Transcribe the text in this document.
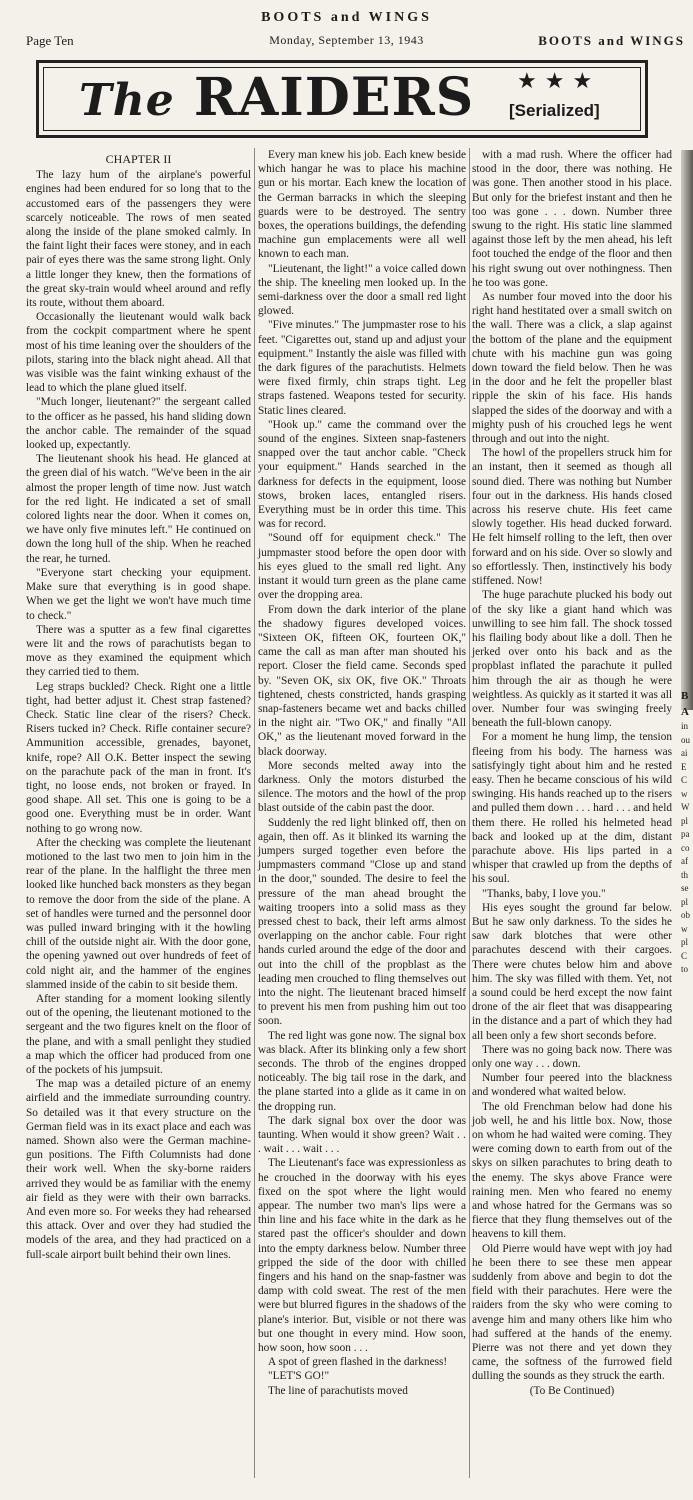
BOOTS and WINGS
Page Ten	Monday, September 13, 1943	BOOTS and WINGS
The RAIDERS ★★★
[Serialized]

CHAPTER II

The lazy hum of the airplane's powerful engines had been endured for so long that to the accustomed ears of the passengers they were scarcely noticeable. The rows of men seated along the inside of the plane smoked calmly. In the faint light their faces were stoney, and in each pair of eyes there was the same strong light. Only a little longer they knew, then the formations of the great sky-train would wheel around and refly its route, without them aboard.

Occasionally the lieutenant would walk back from the cockpit compartment where he spent most of his time leaning over the shoulders of the pilots, staring into the black night ahead. All that was visible was the faint winking exhaust of the lead to which the plane glued itself.

"Much longer, lieutenant?" the sergeant called to the officer as he passed, his hand sliding down the anchor cable. The remainder of the squad looked up, expectantly.

The lieutenant shook his head. He glanced at the green dial of his watch. "We've been in the air almost the proper length of time now. Just watch for the red light. He indicated a set of small colored lights near the door. When it comes on, we have only five minutes left." He continued on down the long hull of the ship. When he reached the rear, he turned.

"Everyone start checking your equipment. Make sure that everything is in good shape. When we get the light we won't have much time to check."

There was a sputter as a few final cigarettes were lit and the rows of parachutists began to move as they examined the equipment which they carried tied to them.

Leg straps buckled? Check. Right one a little tight, had better adjust it. Chest strap fastened? Check. Static line clear of the risers? Check. Risers tucked in? Check. Rifle container secure? Ammunition accessible, grenades, bayonet, knife, rope? All O.K. Better inspect the sewing on the parachute pack of the man in front. It's tight, no loose ends, not broken or frayed. In good shape. All set. This one is going to be a good one. Everything must be in order. Want nothing to go wrong now.

After the checking was complete the lieutenant motioned to the last two men to join him in the rear of the plane. In the halflight the three men looked like hunched back monsters as they began to remove the door from the side of the plane. A set of handles were turned and the personnel door was pulled inward bringing with it the howling chill of the outside night air. With the door gone, the opening yawned out over hundreds of feet of cold night air, and the hammer of the engines slammed inside of the cabin to sit beside them.

After standing for a moment looking silently out of the opening, the lieutenant motioned to the sergeant and the two figures knelt on the floor of the plane, and with a small penlight they studied a map which the officer had produced from one of the pockets of his jumpsuit.

The map was a detailed picture of an enemy airfield and the immediate surrounding country. So detailed was it that every structure on the German field was in its exact place and each was named. Shown also were the German machine-gun positions. The Fifth Columnists had done their work well. When the sky-borne raiders arrived they would be as familiar with the enemy air field as they were with their own barracks. And even more so. For weeks they had rehearsed this attack. Over and over they had studied the models of the area, and they had practiced on a full-scale airport built behind their own lines.

Every man knew his job. Each knew beside which hangar he was to place his machine gun or his mortar. Each knew the location of the German barracks in which the sleeping guards were to be destroyed. The sentry boxes, the operations buildings, the defending machine gun emplacements were all well known to each man.

"Lieutenant, the light!" a voice called down the ship. The kneeling men looked up. In the semi-darkness over the door a small red light glowed.

"Five minutes." The jumpmaster rose to his feet. "Cigarettes out, stand up and adjust your equipment." Instantly the aisle was filled with the dark figures of the parachutists. Helmets were fixed firmly, chin straps tight. Leg straps fastened. Weapons tested for security. Static lines cleared.

"Hook up." came the command over the sound of the engines. Sixteen snap-fasteners snapped over the taut anchor cable. "Check your equipment." Hands searched in the darkness for defects in the equipment, loose stows, broken laces, entangled risers. Everything must be in order this time. This was for record.

"Sound off for equipment check." The jumpmaster stood before the open door with his eyes glued to the small red light. Any instant it would turn green as the plane came over the dropping area.

From down the dark interior of the plane the shadowy figures developed voices. "Sixteen OK, fifteen OK, fourteen OK," came the call as man after man shouted his report. Closer the field came. Seconds sped by. "Seven OK, six OK, five OK." Throats tightened, chests constricted, hands grasping snap-fasteners became wet and backs chilled in the night air. "Two OK," and finally "All OK," as the lieutenant moved forward in the black doorway.

More seconds melted away into the darkness. Only the motors disturbed the silence. The motors and the howl of the prop blast outside of the cabin past the door.

Suddenly the red light blinked off, then on again, then off. As it blinked its warning the jumpers surged together even before the jumpmasters command "Close up and stand in the door," sounded. The desire to feel the pressure of the man ahead brought the waiting troopers into a solid mass as they pressed chest to back, their left arms almost overlapping on the anchor cable. Four right hands curled around the edge of the door and out into the chill of the propblast as the leading men crouched to fling themselves out into the night. The lieutenant braced himself to prevent his men from pushing him out too soon.

The red light was gone now. The signal box was black. After its blinking only a few short seconds. The throb of the engines dropped noticeably. The big tail rose in the dark, and the plane started into a glide as it came in on the dropping run.

The dark signal box over the door was taunting. When would it show green? Wait . . . wait . . . wait . . .

The Lieutenant's face was expressionless as he crouched in the doorway with his eyes fixed on the spot where the light would appear. The number two man's lips were a thin line and his face white in the dark as he stared past the officer's shoulder and down into the empty darkness below. Number three gripped the side of the door with chilled fingers and his hand on the snap-fastner was damp with cold sweat. The rest of the men were but blurred figures in the shadows of the plane's interior. But, visible or not there was but one thought in every mind. How soon, how soon, how soon . . .

A spot of green flashed in the darkness!

"LET'S GO!"

The line of parachutists moved

with a mad rush. Where the officer had stood in the door, there was nothing. He was gone. Then another stood in his place. But only for the briefest instant and then he too was gone . . . down. Number three swung to the right. His static line slammed against those left by the men ahead, his left foot touched the endge of the floor and then his right swung out over nothingness. Then he too was gone.

As number four moved into the door his right hand hestitated over a small switch on the wall. There was a click, a slap against the bottom of the plane and the equipment chute with his machine gun was going down toward the field below. Then he was in the door and he felt the propeller blast ripple the skin of his face. His hands slapped the sides of the doorway and with a mighty push of his crouched legs he went through and out into the night.

The howl of the propellers struck him for an instant, then it seemed as though all sound died. There was nothing but Number four out in the darkness. His hands closed across his reserve chute. His feet came slowly together. His head ducked forward. He felt himself rolling to the left, then over forward and on his side. Over so slowly and so effortlessly. Then, instinctively his body stiffened. Now!

The huge parachute plucked his body out of the sky like a giant hand which was unwilling to see him fall. The shock tossed his flailing body about like a doll. Then he jerked over onto his back and as the propblast inflated the parachute it pulled him through the air as though he were weightless. As quickly as it started it was all over. Number four was swinging freely beneath the full-blown canopy.

For a moment he hung limp, the tension fleeing from his body. The harness was satisfyingly tight about him and he rested easy. Then he became conscious of his wild swinging. His hands reached up to the risers and pulled them down . . . hard . . . and held them there. He rolled his helmeted head back and looked up at the dim, distant parachute above. His lips parted in a whisper that crawled up from the depths of his soul.

"Thanks, baby, I love you."

His eyes sought the ground far below. But he saw only darkness. To the sides he saw dark blotches that were other parachutes descend with their cargoes. There were chutes below him and above him. The sky was filled with them. Yet, not a sound could be herd except the now faint drone of the air fleet that was disappearing in the distance and a part of which they had all been only a few short seconds before.

There was no going back now. There was only one way . . . down.

Number four peered into the blackness and wondered what waited below.

The old Frenchman below had done his job well, he and his little box. Now, those on whom he had waited were coming. They were coming down to earth from out of the skys on silken parachutes to bring death to the enemy. The skys above France were raining men. Men who feared no enemy and whose hatred for the Germans was so fierce that they flung themselves out of the heavens to kill them.

Old Pierre would have wept with joy had he been there to see these men appear suddenly from above and begin to dot the field with their parachutes. Here were the raiders from the sky who were coming to avenge him and many others like him who had suffered at the hands of the enemy. Pierre was not there and yet down they came, the softness of the furrowed field dulling the sounds as they struck the earth.

(To Be Continued)

B
A
in
ou
ai
E
C
w
W
pl
pa
co
af
th
se
pl
ob
w
pl
C
to
